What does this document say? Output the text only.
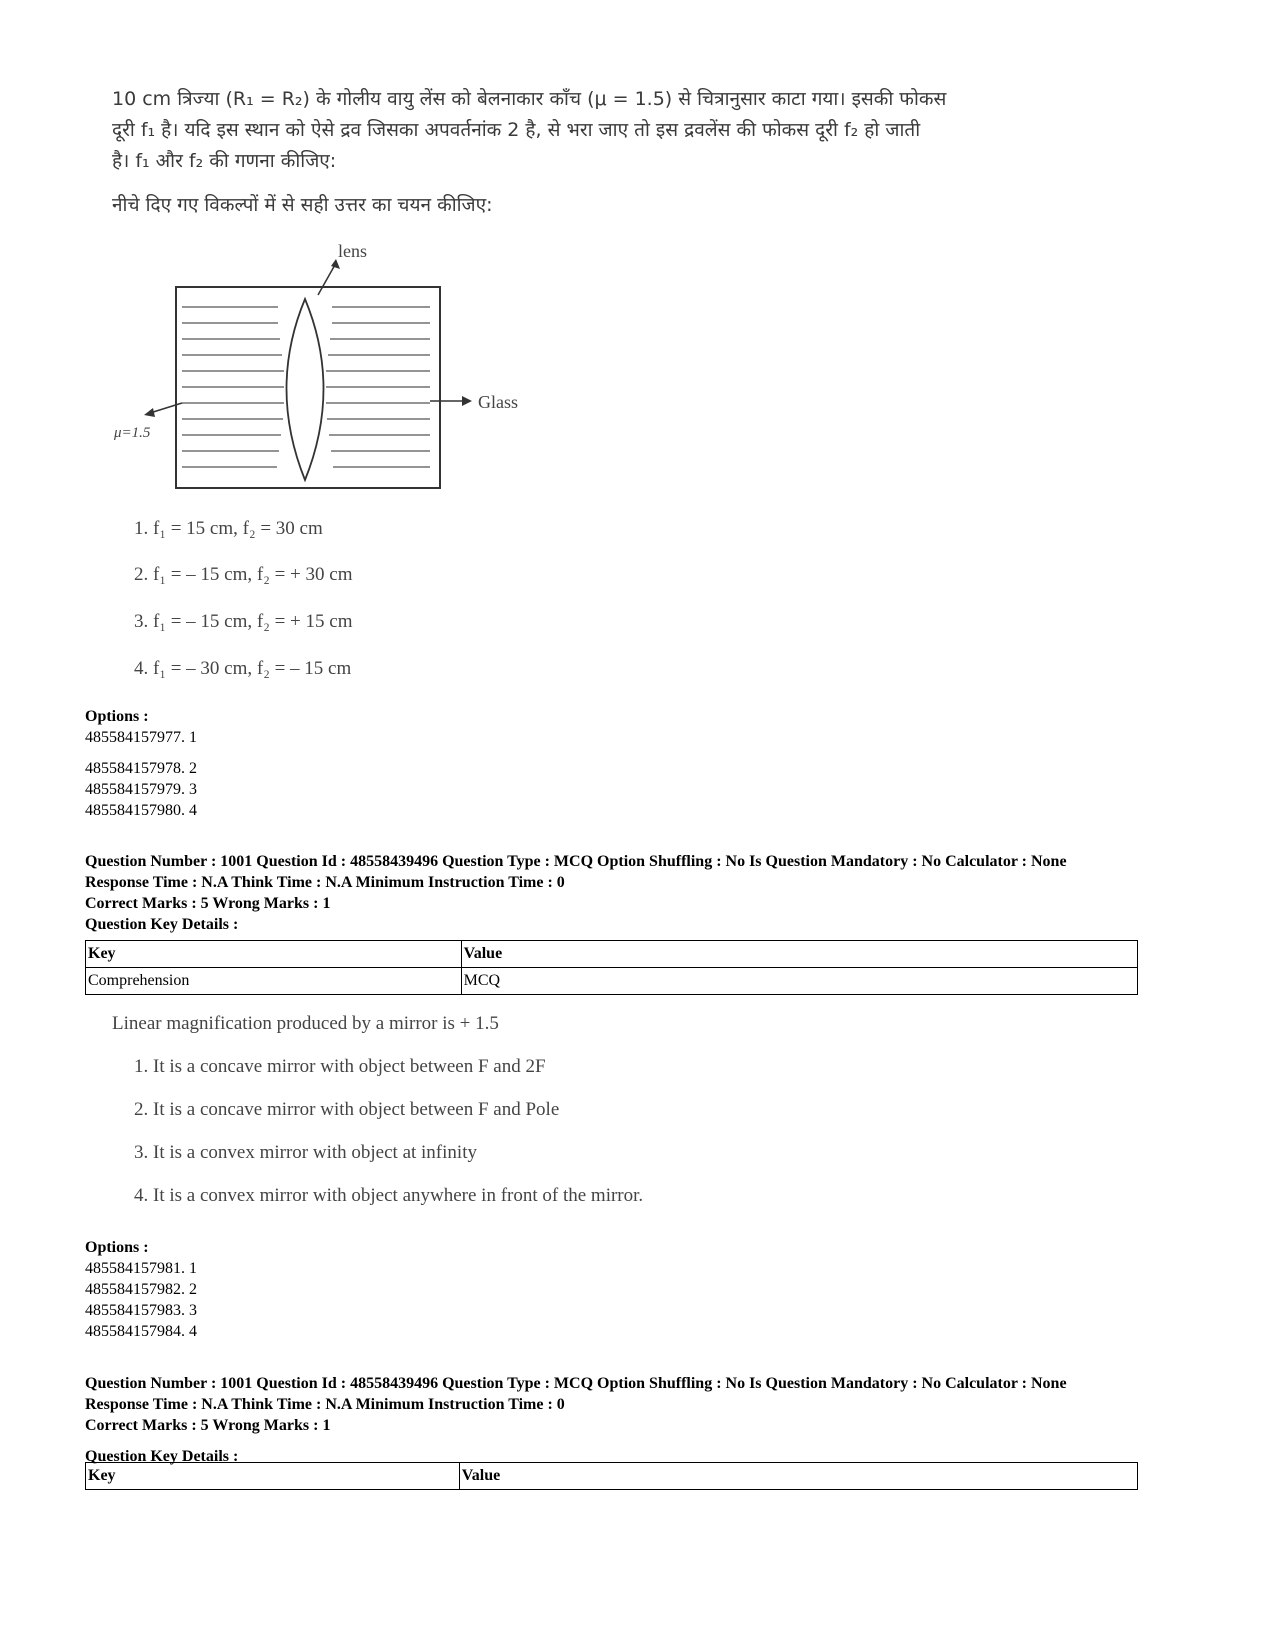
10 cm त्रिज्या (R₁ = R₂) के गोलीय वायु लेंस को बेलनाकार काँच (μ = 1.5) से चित्रानुसार काटा गया। इसकी फोकस
दूरी f₁ है। यदि इस स्थान को ऐसे द्रव जिसका अपवर्तनांक 2 है, से भरा जाए तो इस द्रवलेंस की फोकस दूरी f₂ हो जाती
है। f₁ और f₂ की गणना कीजिए:
नीचे दिए गए विकल्पों में से सही उत्तर का चयन कीजिए:
lens
Glass
μ=1.5
1. f₁ = 15 cm, f₂ = 30 cm
2. f₁ = – 15 cm, f₂ = + 30 cm
3. f₁ = – 15 cm, f₂ = + 15 cm
4. f₁ = – 30 cm, f₂ = – 15 cm
Options :
485584157977. 1
485584157978. 2
485584157979. 3
485584157980. 4
Question Number : 1001 Question Id : 48558439496 Question Type : MCQ Option Shuffling : No Is Question Mandatory : No Calculator : None
Response Time : N.A Think Time : N.A Minimum Instruction Time : 0
Correct Marks : 5 Wrong Marks : 1
Question Key Details :
Key	Value
Comprehension	MCQ
Linear magnification produced by a mirror is + 1.5
1. It is a concave mirror with object between F and 2F
2. It is a concave mirror with object between F and Pole
3. It is a convex mirror with object at infinity
4. It is a convex mirror with object anywhere in front of the mirror.
Options :
485584157981. 1
485584157982. 2
485584157983. 3
485584157984. 4
Question Number : 1001 Question Id : 48558439496 Question Type : MCQ Option Shuffling : No Is Question Mandatory : No Calculator : None
Response Time : N.A Think Time : N.A Minimum Instruction Time : 0
Correct Marks : 5 Wrong Marks : 1
Question Key Details :
Key	Value
